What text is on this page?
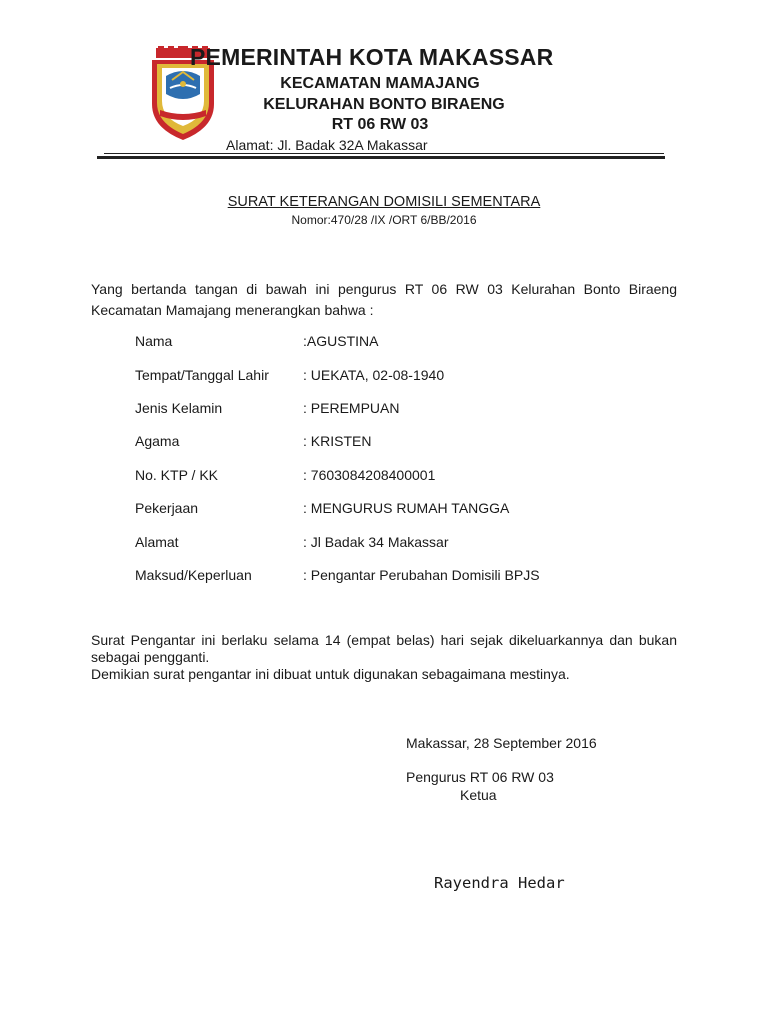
PEMERINTAH KOTA MAKASSAR
KECAMATAN MAMAJANG
KELURAHAN BONTO BIRAENG
RT 06 RW 03
Alamat: Jl. Badak 32A Makassar
SURAT KETERANGAN DOMISILI SEMENTARA
Nomor:470/28 /IX /ORT 6/BB/2016
Yang bertanda tangan di bawah ini pengurus RT 06 RW 03 Kelurahan Bonto Biraeng Kecamatan Mamajang menerangkan bahwa :
Nama	:AGUSTINA
Tempat/Tanggal Lahir : UEKATA, 02-08-1940
Jenis Kelamin	: PEREMPUAN
Agama	: KRISTEN
No. KTP / KK	: 7603084208400001
Pekerjaan	: MENGURUS RUMAH TANGGA
Alamat	: Jl Badak 34 Makassar
Maksud/Keperluan	: Pengantar Perubahan Domisili BPJS

Surat Pengantar ini berlaku selama 14 (empat belas) hari sejak dikeluarkannya dan bukan sebagai pengganti.

Demikian surat pengantar ini dibuat untuk digunakan sebagaimana mestinya.

Makassar, 28 September 2016
Pengurus RT 06 RW 03
Ketua
Rayendra Hedar
